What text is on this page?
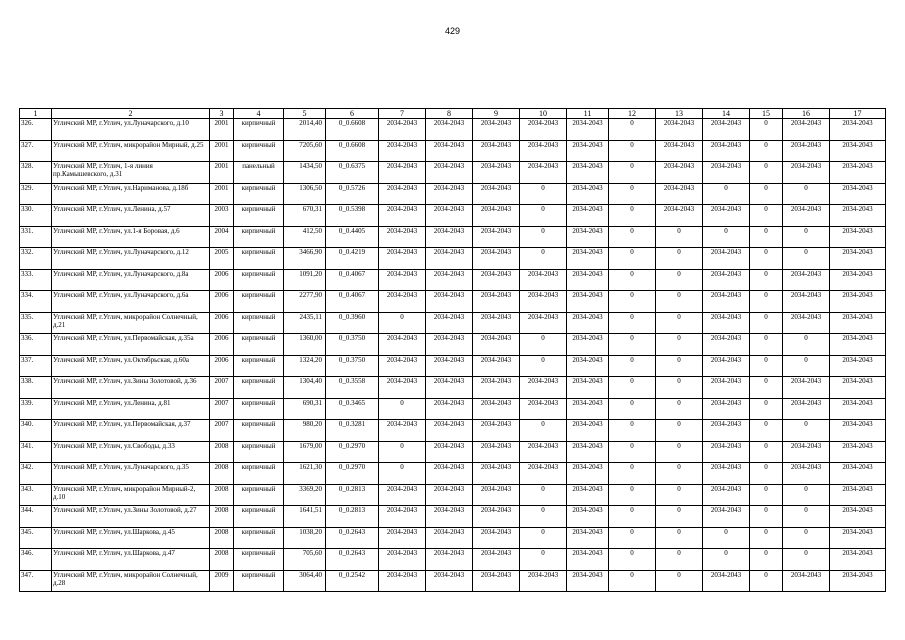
429
1	2	3	4	5	6	7	8	9	10	11	12	13	14	15	16	17
326.	Угличский МР, г.Углич, ул.Луначарского, д.10	2001	кирпичный	2014,40	0_0.6608	2034-2043	2034-2043	2034-2043	2034-2043	2034-2043	0	2034-2043	2034-2043	0	2034-2043	2034-2043
327.	Угличский МР, г.Углич, микрорайон Мирный, д.25	2001	кирпичный	7205,60	0_0.6608	2034-2043	2034-2043	2034-2043	2034-2043	2034-2043	0	2034-2043	2034-2043	0	2034-2043	2034-2043
328.	Угличский МР, г.Углич, 1-я линия пр.Камышевского, д.31	2001	панельный	1434,50	0_0.6375	2034-2043	2034-2043	2034-2043	2034-2043	2034-2043	0	2034-2043	2034-2043	0	2034-2043	2034-2043
329.	Угличский МР, г.Углич, ул.Нариманова, д.18б	2001	кирпичный	1306,50	0_0.5726	2034-2043	2034-2043	2034-2043	0	2034-2043	0	2034-2043	0	0	0	2034-2043
330.	Угличский МР, г.Углич, ул.Ленина, д.57	2003	кирпичный	670,31	0_0.5398	2034-2043	2034-2043	2034-2043	0	2034-2043	0	2034-2043	2034-2043	0	2034-2043	2034-2043
331.	Угличский МР, г.Углич, ул.1-я Боровая, д.6	2004	кирпичный	412,50	0_0.4405	2034-2043	2034-2043	2034-2043	0	2034-2043	0	0	0	0	0	2034-2043
332.	Угличский МР, г.Углич, ул.Луначарского, д.12	2005	кирпичный	3466,90	0_0.4219	2034-2043	2034-2043	2034-2043	0	2034-2043	0	0	2034-2043	0	0	2034-2043
333.	Угличский МР, г.Углич, ул.Луначарского, д.8а	2006	кирпичный	1091,20	0_0.4067	2034-2043	2034-2043	2034-2043	2034-2043	2034-2043	0	0	2034-2043	0	2034-2043	2034-2043
334.	Угличский МР, г.Углич, ул.Луначарского, д.6а	2006	кирпичный	2277,90	0_0.4067	2034-2043	2034-2043	2034-2043	2034-2043	2034-2043	0	0	2034-2043	0	2034-2043	2034-2043
335.	Угличский МР, г.Углич, микрорайон Солнечный, д.21	2006	кирпичный	2435,11	0_0.3960	0	2034-2043	2034-2043	2034-2043	2034-2043	0	0	2034-2043	0	2034-2043	2034-2043
336.	Угличский МР, г.Углич, ул.Первомайская, д.35а	2006	кирпичный	1360,00	0_0.3750	2034-2043	2034-2043	2034-2043	0	2034-2043	0	0	2034-2043	0	0	2034-2043
337.	Угличский МР, г.Углич, ул.Октябрьская, д.60а	2006	кирпичный	1324,20	0_0.3750	2034-2043	2034-2043	2034-2043	0	2034-2043	0	0	2034-2043	0	0	2034-2043
338.	Угличский МР, г.Углич, ул.Зины Золотовой, д.36	2007	кирпичный	1304,40	0_0.3558	2034-2043	2034-2043	2034-2043	2034-2043	2034-2043	0	0	2034-2043	0	2034-2043	2034-2043
339.	Угличский МР, г.Углич, ул.Ленина, д.81	2007	кирпичный	690,31	0_0.3465	0	2034-2043	2034-2043	2034-2043	2034-2043	0	0	2034-2043	0	2034-2043	2034-2043
340.	Угличский МР, г.Углич, ул.Первомайская, д.37	2007	кирпичный	980,20	0_0.3281	2034-2043	2034-2043	2034-2043	0	2034-2043	0	0	2034-2043	0	0	2034-2043
341.	Угличский МР, г.Углич, ул.Свободы, д.33	2008	кирпичный	1679,00	0_0.2970	0	2034-2043	2034-2043	2034-2043	2034-2043	0	0	2034-2043	0	2034-2043	2034-2043
342.	Угличский МР, г.Углич, ул.Луначарского, д.35	2008	кирпичный	1621,30	0_0.2970	0	2034-2043	2034-2043	2034-2043	2034-2043	0	0	2034-2043	0	2034-2043	2034-2043
343.	Угличский МР, г.Углич, микрорайон Мирный-2, д.10	2008	кирпичный	3369,20	0_0.2813	2034-2043	2034-2043	2034-2043	0	2034-2043	0	0	2034-2043	0	0	2034-2043
344.	Угличский МР, г.Углич, ул.Зины Золотовой, д.27	2008	кирпичный	1641,51	0_0.2813	2034-2043	2034-2043	2034-2043	0	2034-2043	0	0	2034-2043	0	0	2034-2043
345.	Угличский МР, г.Углич, ул.Шаркова, д.45	2008	кирпичный	1038,20	0_0.2643	2034-2043	2034-2043	2034-2043	0	2034-2043	0	0	0	0	0	2034-2043
346.	Угличский МР, г.Углич, ул.Шаркова, д.47	2008	кирпичный	705,60	0_0.2643	2034-2043	2034-2043	2034-2043	0	2034-2043	0	0	0	0	0	2034-2043
347.	Угличский МР, г.Углич, микрорайон Солнечный, д.28	2009	кирпичный	3064,40	0_0.2542	2034-2043	2034-2043	2034-2043	2034-2043	2034-2043	0	0	2034-2043	0	2034-2043	2034-2043
